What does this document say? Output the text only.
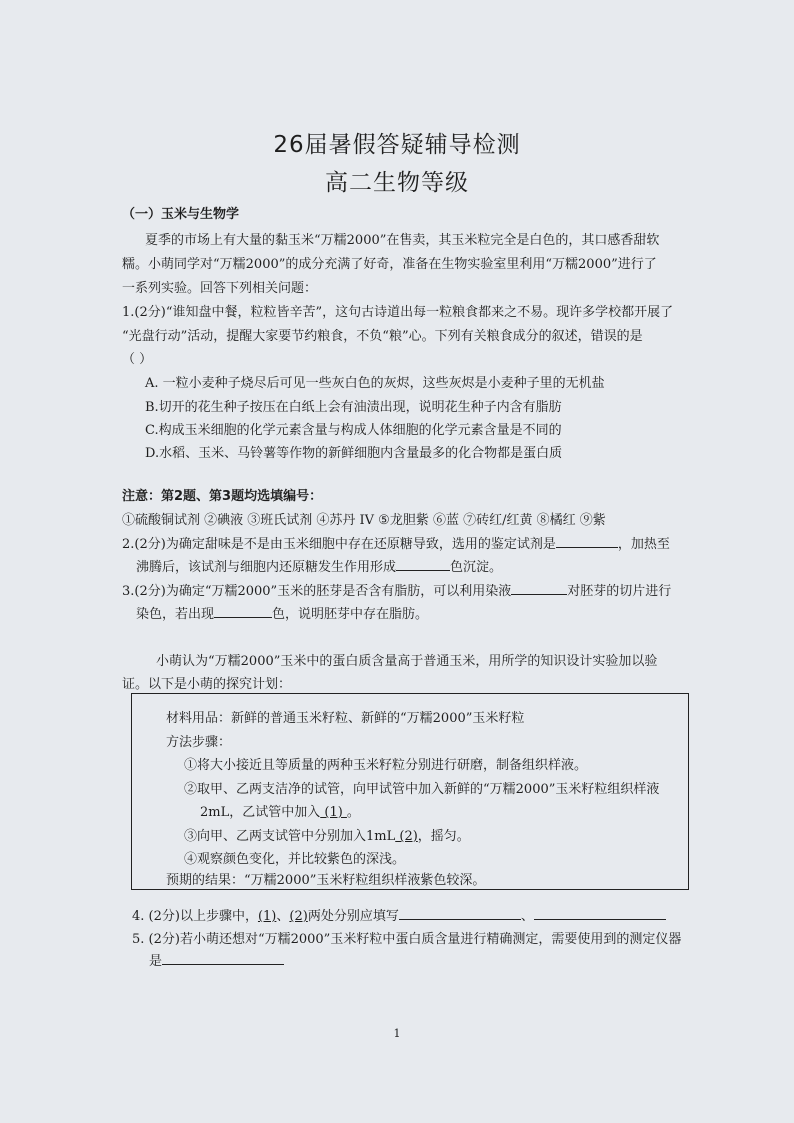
26届暑假答疑辅导检测
高二生物等级
（一）玉米与生物学
夏季的市场上有大量的黏玉米“万糯2000”在售卖，其玉米粒完全是白色的，其口感香甜软
糯。小萌同学对“万糯2000”的成分充满了好奇，准备在生物实验室里利用“万糯2000”进行了
一系列实验。回答下列相关问题：
1.(2分)“谁知盘中餐，粒粒皆辛苦”，这句古诗道出每一粒粮食都来之不易。现许多学校都开展了
“光盘行动”活动，提醒大家要节约粮食，不负“粮”心。下列有关粮食成分的叙述，错误的是
（ ）
A. 一粒小麦种子烧尽后可见一些灰白色的灰烬，这些灰烬是小麦种子里的无机盐
B.切开的花生种子按压在白纸上会有油渍出现，说明花生种子内含有脂肪
C.构成玉米细胞的化学元素含量与构成人体细胞的化学元素含量是不同的
D.水稻、玉米、马铃薯等作物的新鲜细胞内含量最多的化合物都是蛋白质
注意：第2题、第3题均选填编号：
①硫酸铜试剂 ②碘液 ③班氏试剂 ④苏丹 IV ⑤龙胆紫 ⑥蓝 ⑦砖红/红黄 ⑧橘红 ⑨紫
2.(2分)为确定甜味是不是由玉米细胞中存在还原糖导致，选用的鉴定试剂是	，加热至
沸腾后，该试剂与细胞内还原糖发生作用形成	色沉淀。
3.(2分)为确定“万糯2000”玉米的胚芽是否含有脂肪，可以利用染液	对胚芽的切片进行
染色，若出现	色，说明胚芽中存在脂肪。
小萌认为“万糯2000”玉米中的蛋白质含量高于普通玉米，用所学的知识设计实验加以验
证。以下是小萌的探究计划：
材料用品：新鲜的普通玉米籽粒、新鲜的“万糯2000”玉米籽粒
方法步骤：
①将大小接近且等质量的两种玉米籽粒分别进行研磨，制备组织样液。
②取甲、乙两支洁净的试管，向甲试管中加入新鲜的“万糯2000”玉米籽粒组织样液
2mL，乙试管中加入 (1) 。
③向甲、乙两支试管中分别加入1mL (2)，摇匀。
④观察颜色变化，并比较紫色的深浅。
预期的结果：“万糯2000”玉米籽粒组织样液紫色较深。
4. (2分)以上步骤中，(1)、(2)两处分别应填写	、
5. (2分)若小萌还想对“万糯2000”玉米籽粒中蛋白质含量进行精确测定，需要使用到的测定仪器
是
1
